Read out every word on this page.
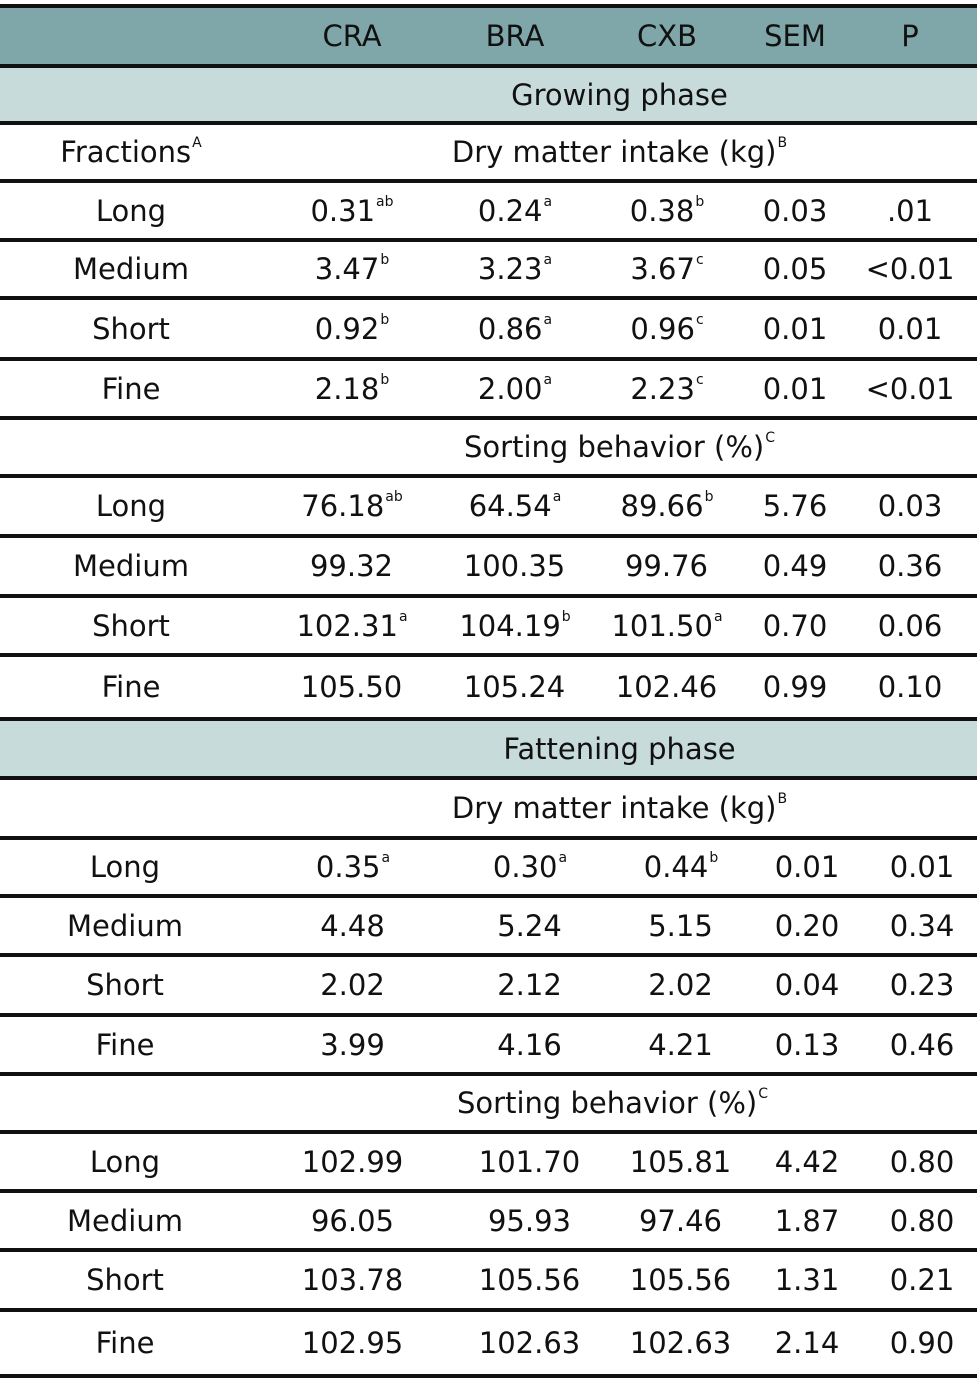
CRA	BRA	CXB	SEM	P
Growing phase
Fractions$^A$	Dry matter intake (kg)$^B$
Long	0.31$^{ab}$	0.24$^a$	0.38$^b$	0.03	.01
Medium	3.47$^b$	3.23$^a$	3.67$^c$	0.05	<0.01
Short	0.92$^b$	0.86$^a$	0.96$^c$	0.01	0.01
Fine	2.18$^b$	2.00$^a$	2.23$^c$	0.01	<0.01
Sorting behavior (%)$^C$
Long	76.18$^{ab}$ 64.54$^a$ 89.66$^b$	5.76	0.03
Medium	99.32 100.35 99.76	0.49	0.36
Short	102.31$^a$ 104.19$^b$ 101.50$^a$	0.70	0.06
Fine	105.50 105.24 102.46	0.99	0.10
Fattening phase
Dry matter intake (kg)$^B$
Long	0.35$^a$	0.30$^a$	0.44$^b$	0.01	0.01
Medium	4.48	5.24	5.15	0.20	0.34
Short	2.02	2.12	2.02	0.04	0.23
Fine	3.99	4.16	4.21	0.13	0.46
Sorting behavior (%)$^C$
Long	102.99	101.70 105.81	4.42	0.80
Medium	96.05	95.93 97.46	1.87	0.80
Short	103.78	105.56 105.56	1.31	0.21
Fine	102.95	102.63 102.63	2.14	0.90
